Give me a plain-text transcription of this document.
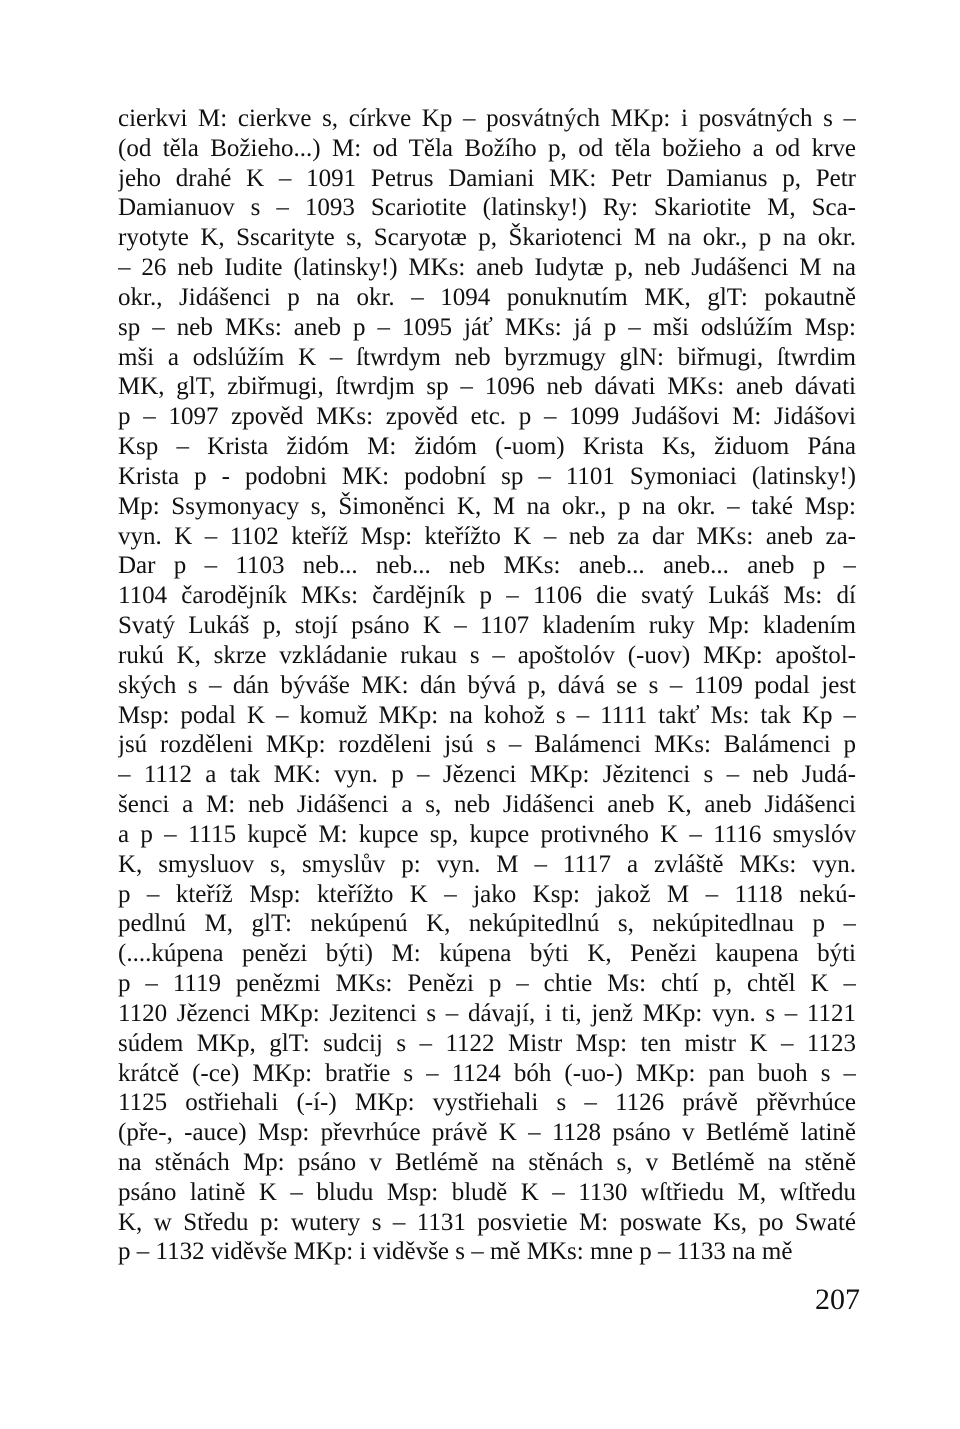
cierkvi M: cierkve s, církve Kp – posvátných MKp: i posvátných s –
(od těla Božieho...) M: od Těla Božího p, od těla božieho a od krve
jeho drahé K – 1091 Petrus Damiani MK: Petr Damianus p, Petr
Damianuov s – 1093 Scariotite (latinsky!) Ry: Skariotite M, Sca-
ryotyte K, Sscarityte s, Scaryotæ p, Škariotenci M na okr., p na okr.
– 26 neb Iudite (latinsky!) MKs: aneb Iudytæ p, neb Judášenci M na
okr., Jidášenci p na okr. – 1094 ponuknutím MK, glT: pokautně
sp – neb MKs: aneb p – 1095 jáť MKs: já p – mši odslúžím Msp:
mši a odslúžím K – ſtwrdym neb byrzmugy glN: biřmugi, ſtwrdim
MK, glT, zbiřmugi, ſtwrdjm sp – 1096 neb dávati MKs: aneb dávati
p – 1097 zpověd MKs: zpověd etc. p – 1099 Judášovi M: Jidášovi
Ksp – Krista židóm M: židóm (-uom) Krista Ks, židuom Pána
Krista p - podobni MK: podobní sp – 1101 Symoniaci (latinsky!)
Mp: Ssymonyacy s, Šimoněnci K, M na okr., p na okr. – také Msp:
vyn. K – 1102 kteříž Msp: kteřížto K – neb za dar MKs: aneb za-
Dar p – 1103 neb... neb... neb MKs: aneb... aneb... aneb p –
1104 čarodějník MKs: čardějník p – 1106 die svatý Lukáš Ms: dí
Svatý Lukáš p, stojí psáno K – 1107 kladením ruky Mp: kladením
rukú K, skrze vzkládanie rukau s – apoštolóv (-uov) MKp: apoštol-
ských s – dán býváše MK: dán bývá p, dává se s – 1109 podal jest
Msp: podal K – komuž MKp: na kohož s – 1111 takť Ms: tak Kp –
jsú rozděleni MKp: rozděleni jsú s – Balámenci MKs: Balámenci p
– 1112 a tak MK: vyn. p – Jězenci MKp: Jězitenci s – neb Judá-
šenci a M: neb Jidášenci a s, neb Jidášenci aneb K, aneb Jidášenci
a p – 1115 kupcě M: kupce sp, kupce protivného K – 1116 smyslóv
K, smysluov s, smyslův p: vyn. M – 1117 a zvláště MKs: vyn.
p – kteříž Msp: kteřížto K – jako Ksp: jakož M – 1118 nekú-
pedlnú M, glT: nekúpenú K, nekúpitedlnú s, nekúpitedlnau p –
(....kúpena penězi býti) M: kúpena býti K, Penězi kaupena býti
p – 1119 penězmi MKs: Penězi p – chtie Ms: chtí p, chtěl K –
1120 Jězenci MKp: Jezitenci s – dávají, i ti, jenž MKp: vyn. s – 1121
súdem MKp, glT: sudcij s – 1122 Mistr Msp: ten mistr K – 1123
krátcě (-ce) MKp: bratřie s – 1124 bóh (-uo-) MKp: pan buoh s –
1125 ostřiehali (-í-) MKp: vystřiehali s – 1126 právě přěvrhúce
(pře-, -auce) Msp: převrhúce právě K – 1128 psáno v Betlémě latině
na stěnách Mp: psáno v Betlémě na stěnách s, v Betlémě na stěně
psáno latině K – bludu Msp: bludě K – 1130 wſtřiedu M, wſtředu
K, w Středu p: wutery s – 1131 posvietie M: poswate Ks, po Swaté
p – 1132 viděvše MKp: i viděvše s – mě MKs: mne p – 1133 na mě
207
